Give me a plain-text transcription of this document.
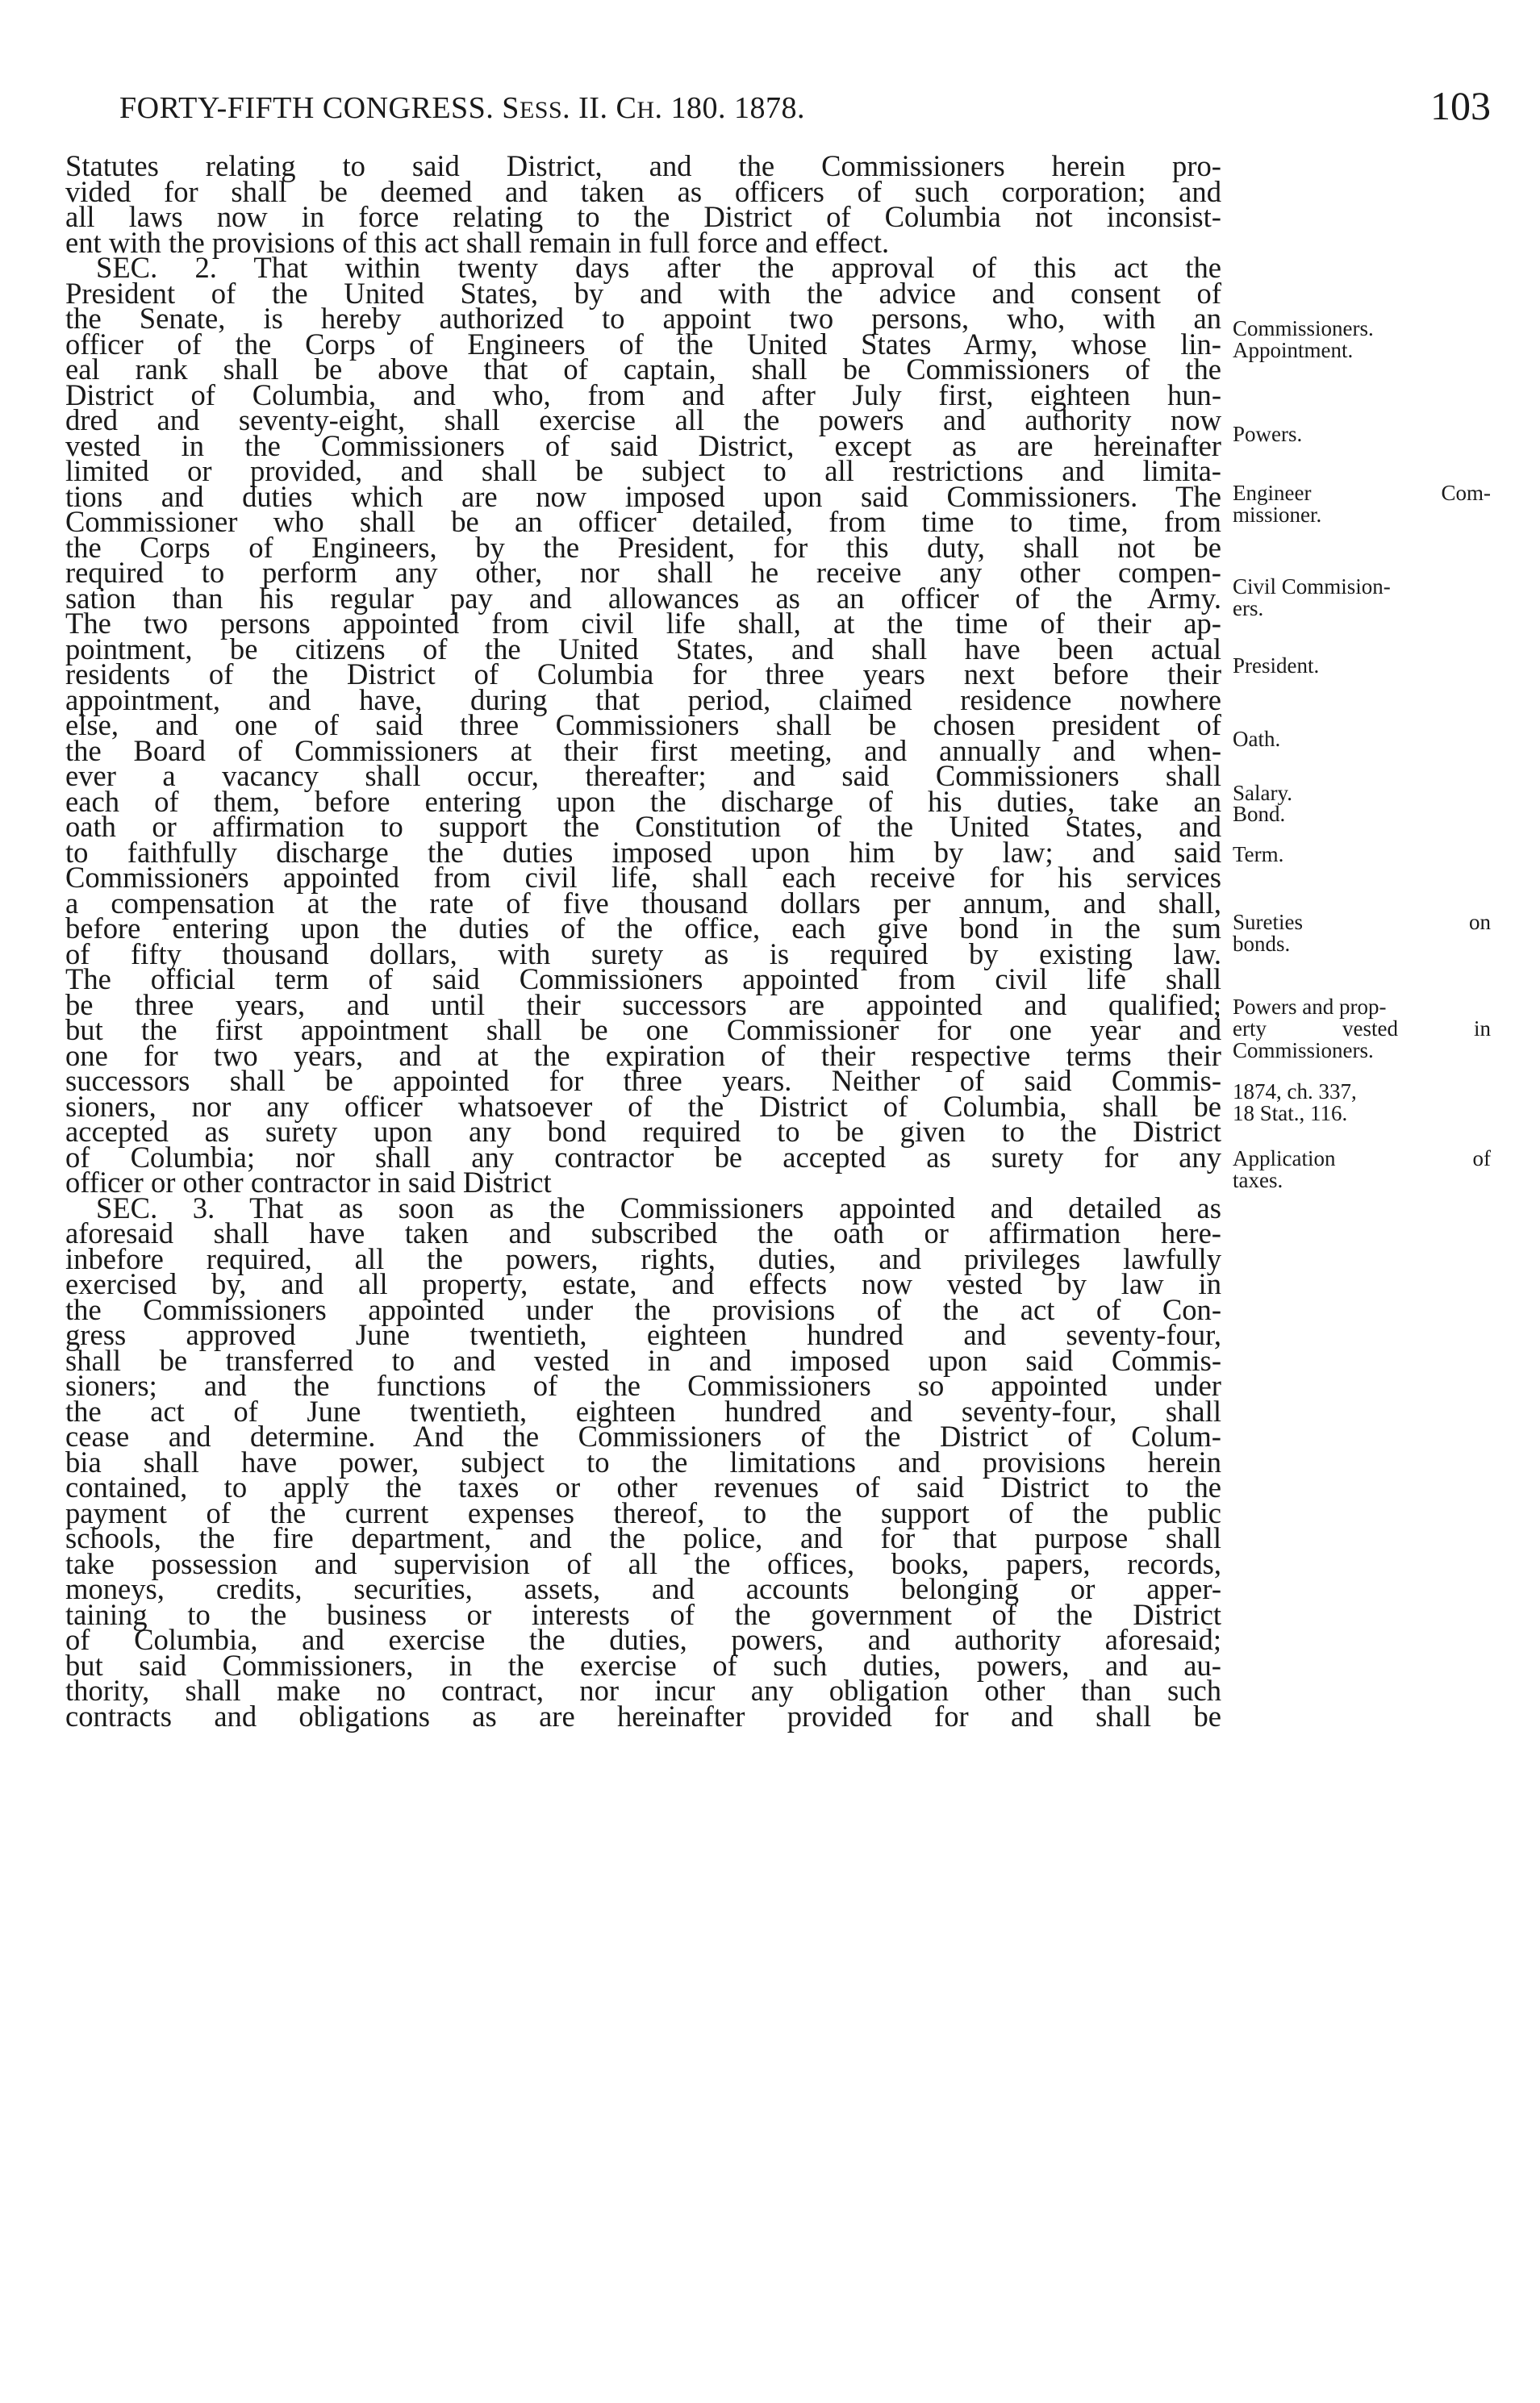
FORTY-FIFTH CONGRESS. SESS. II. CH. 180. 1878.	103
Statutes relating to said District, and the Commissioners herein pro-
vided for shall be deemed and taken as officers of such corporation; and
all laws now in force relating to the District of Columbia not inconsist-
ent with the provisions of this act shall remain in full force and effect.
SEC. 2. That within twenty days after the approval of this act the
President of the United States, by and with the advice and consent of
the Senate, is hereby authorized to appoint two persons, who, with an
officer of the Corps of Engineers of the United States Army, whose lin-
eal rank shall be above that of captain, shall be Commissioners of the
District of Columbia, and who, from and after July first, eighteen hun-
dred and seventy-eight, shall exercise all the powers and authority now
vested in the Commissioners of said District, except as are hereinafter
limited or provided, and shall be subject to all restrictions and limita-
tions and duties which are now imposed upon said Commissioners. The
Commissioner who shall be an officer detailed, from time to time, from
the Corps of Engineers, by the President, for this duty, shall not be
required to perform any other, nor shall he receive any other compen-
sation than his regular pay and allowances as an officer of the Army.
The two persons appointed from civil life shall, at the time of their ap-
pointment, be citizens of the United States, and shall have been actual
residents of the District of Columbia for three years next before their
appointment, and have, during that period, claimed residence nowhere
else, and one of said three Commissioners shall be chosen president of
the Board of Commissioners at their first meeting, and annually and when-
ever a vacancy shall occur, thereafter; and said Commissioners shall
each of them, before entering upon the discharge of his duties, take an
oath or affirmation to support the Constitution of the United States, and
to faithfully discharge the duties imposed upon him by law; and said
Commissioners appointed from civil life, shall each receive for his services
a compensation at the rate of five thousand dollars per annum, and shall,
before entering upon the duties of the office, each give bond in the sum
of fifty thousand dollars, with surety as is required by existing law.
The official term of said Commissioners appointed from civil life shall
be three years, and until their successors are appointed and qualified;
but the first appointment shall be one Commissioner for one year and
one for two years, and at the expiration of their respective terms their
successors shall be appointed for three years. Neither of said Commis-
sioners, nor any officer whatsoever of the District of Columbia, shall be
accepted as surety upon any bond required to be given to the District
of Columbia; nor shall any contractor be accepted as surety for any
officer or other contractor in said District
SEC. 3. That as soon as the Commissioners appointed and detailed as
aforesaid shall have taken and subscribed the oath or affirmation here-
inbefore required, all the powers, rights, duties, and privileges lawfully
exercised by, and all property, estate, and effects now vested by law in
the Commissioners appointed under the provisions of the act of Con-
gress approved June twentieth, eighteen hundred and seventy-four,
shall be transferred to and vested in and imposed upon said Commis-
sioners; and the functions of the Commissioners so appointed under
the act of June twentieth, eighteen hundred and seventy-four, shall
cease and determine. And the Commissioners of the District of Colum-
bia shall have power, subject to the limitations and provisions herein
contained, to apply the taxes or other revenues of said District to the
payment of the current expenses thereof, to the support of the public
schools, the fire department, and the police, and for that purpose shall
take possession and supervision of all the offices, books, papers, records,
moneys, credits, securities, assets, and accounts belonging or apper-
taining to the business or interests of the government of the District
of Columbia, and exercise the duties, powers, and authority aforesaid;
but said Commissioners, in the exercise of such duties, powers, and au-
thority, shall make no contract, nor incur any obligation other than such
contracts and obligations as are hereinafter provided for and shall be
Commissioners.
Appointment.
Powers.
Engineer Com-
missioner.
Civil Commision-
ers.
President.
Oath.
Salary.
Bond.
Term.
Sureties on
bonds.
Powers and prop-
erty vested in
Commissioners.
1874, ch. 337,
18 Stat., 116.
Application of
taxes.
